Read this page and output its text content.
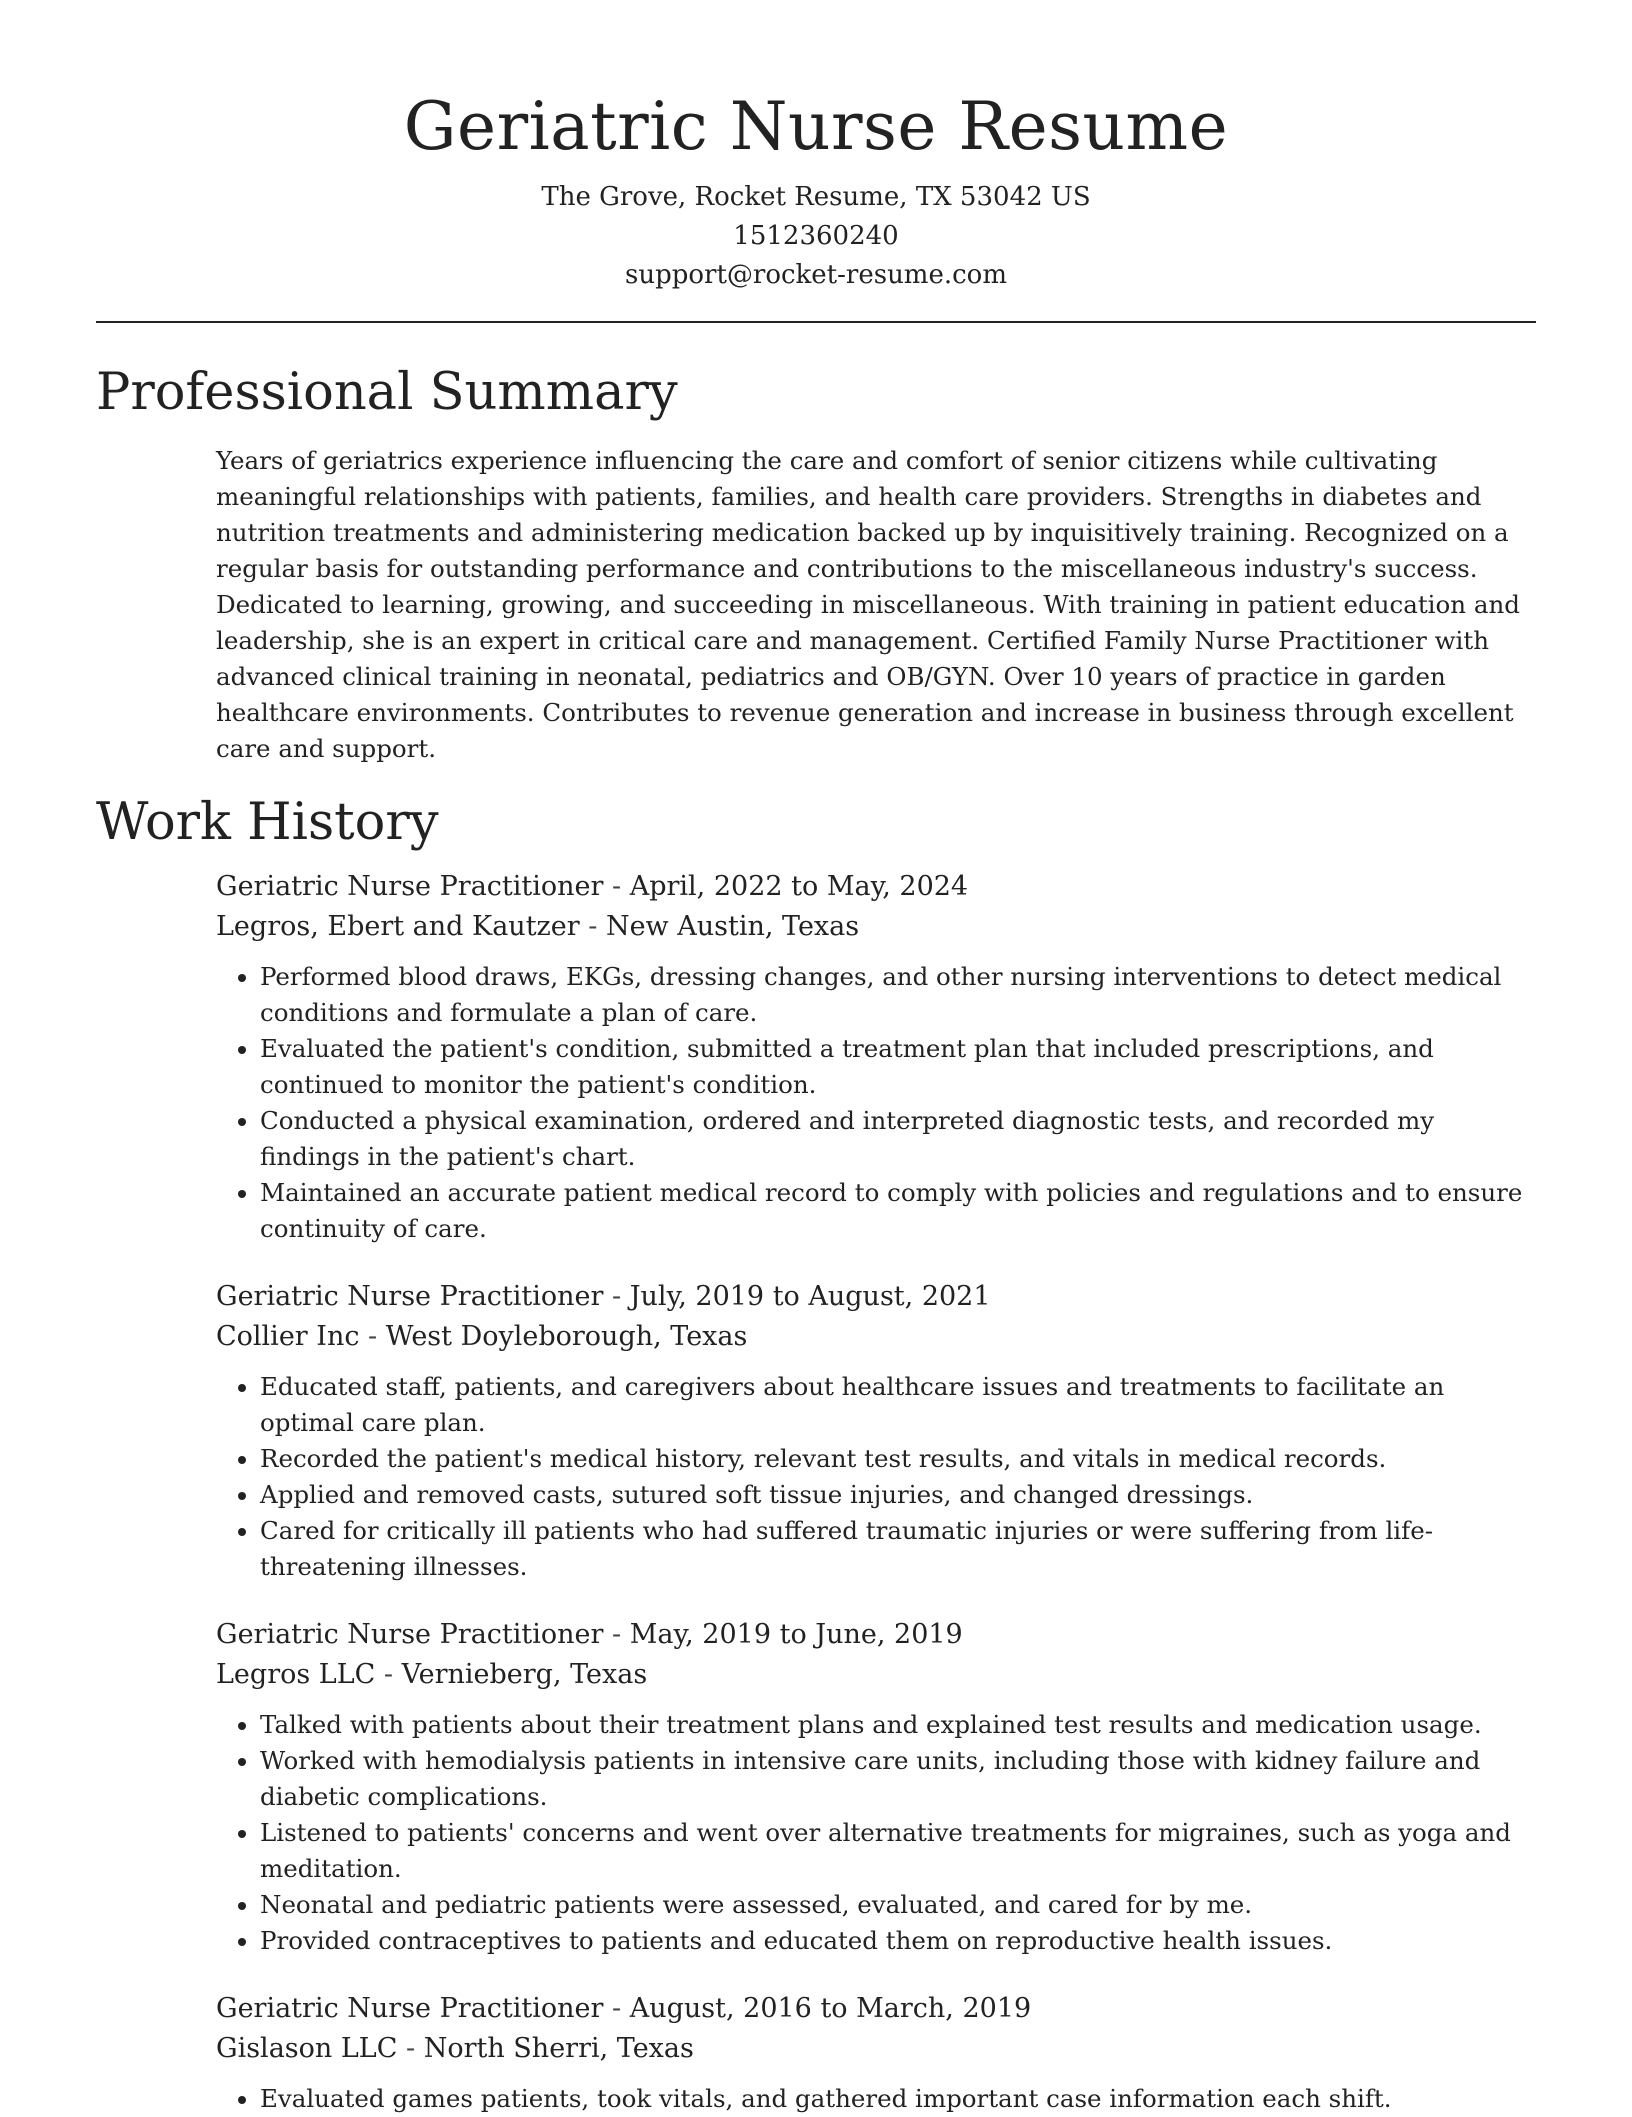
Geriatric Nurse Resume
The Grove, Rocket Resume, TX 53042 US
1512360240
support@rocket-resume.com
Professional Summary

Years of geriatrics experience influencing the care and comfort of senior citizens while cultivating meaningful relationships with patients, families, and health care providers. Strengths in diabetes and nutrition treatments and administering medication backed up by inquisitively training. Recognized on a regular basis for outstanding performance and contributions to the miscellaneous industry's success. Dedicated to learning, growing, and succeeding in miscellaneous. With training in patient education and leadership, she is an expert in critical care and management. Certified Family Nurse Practitioner with advanced clinical training in neonatal, pediatrics and OB/GYN. Over 10 years of practice in garden healthcare environments. Contributes to revenue generation and increase in business through excellent care and support.

Work History
Geriatric Nurse Practitioner - April, 2022 to May, 2024
Legros, Ebert and Kautzer - New Austin, Texas
• Performed blood draws, EKGs, dressing changes, and other nursing interventions to detect medical conditions and formulate a plan of care.
• Evaluated the patient's condition, submitted a treatment plan that included prescriptions, and continued to monitor the patient's condition.
• Conducted a physical examination, ordered and interpreted diagnostic tests, and recorded my findings in the patient's chart.
• Maintained an accurate patient medical record to comply with policies and regulations and to ensure continuity of care.
Geriatric Nurse Practitioner - July, 2019 to August, 2021
Collier Inc - West Doyleborough, Texas
• Educated staff, patients, and caregivers about healthcare issues and treatments to facilitate an optimal care plan.
• Recorded the patient's medical history, relevant test results, and vitals in medical records.
• Applied and removed casts, sutured soft tissue injuries, and changed dressings.
• Cared for critically ill patients who had suffered traumatic injuries or were suffering from life-threatening illnesses.
Geriatric Nurse Practitioner - May, 2019 to June, 2019
Legros LLC - Vernieberg, Texas
• Talked with patients about their treatment plans and explained test results and medication usage.
• Worked with hemodialysis patients in intensive care units, including those with kidney failure and diabetic complications.
• Listened to patients' concerns and went over alternative treatments for migraines, such as yoga and meditation.
• Neonatal and pediatric patients were assessed, evaluated, and cared for by me.
• Provided contraceptives to patients and educated them on reproductive health issues.
Geriatric Nurse Practitioner - August, 2016 to March, 2019
Gislason LLC - North Sherri, Texas
• Evaluated games patients, took vitals, and gathered important case information each shift.
